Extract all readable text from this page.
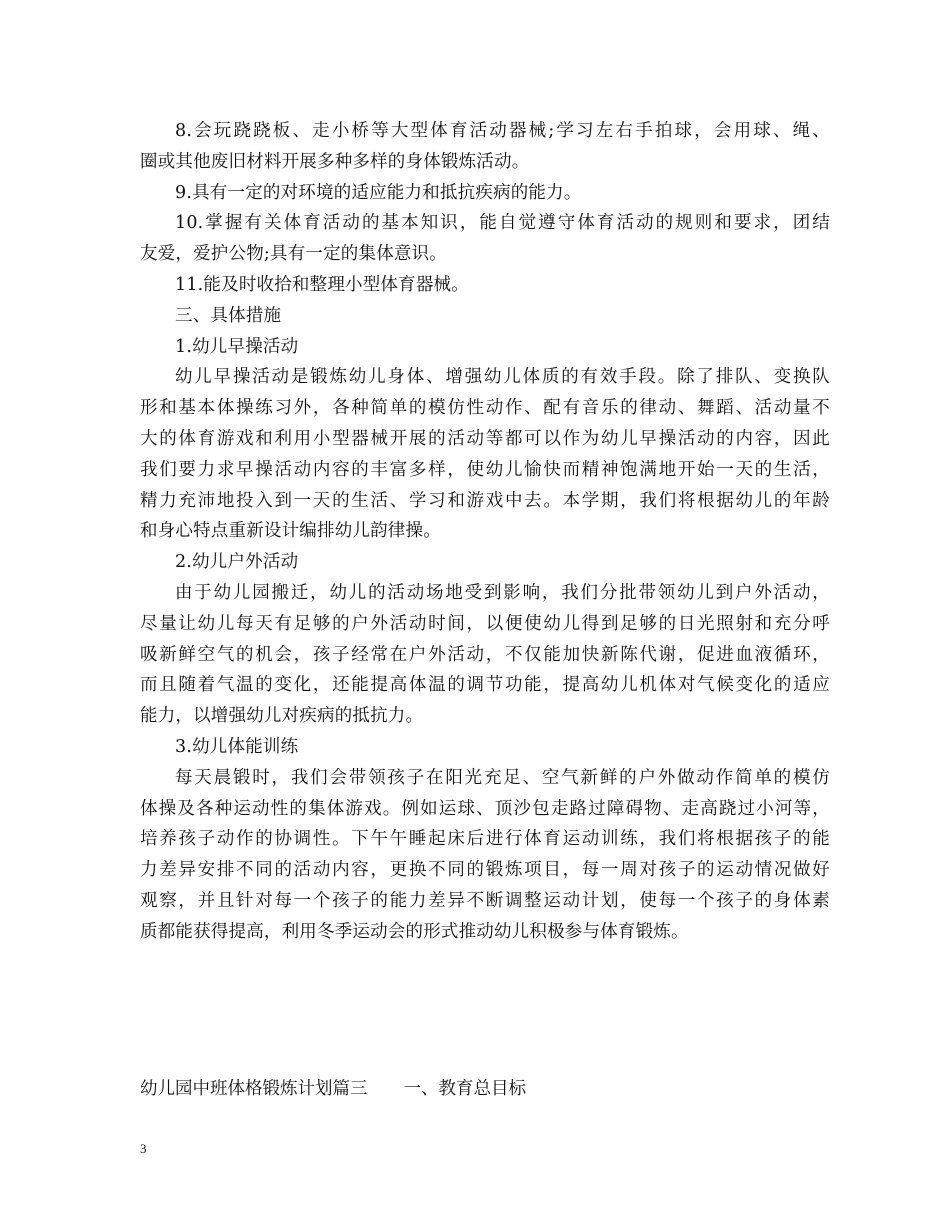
8.会玩跷跷板、走小桥等大型体育活动器械;学习左右手拍球，会用球、绳、
圈或其他废旧材料开展多种多样的身体锻炼活动。
9.具有一定的对环境的适应能力和抵抗疾病的能力。
10.掌握有关体育活动的基本知识，能自觉遵守体育活动的规则和要求，团结
友爱，爱护公物;具有一定的集体意识。
11.能及时收拾和整理小型体育器械。
三、具体措施
1.幼儿早操活动
幼儿早操活动是锻炼幼儿身体、增强幼儿体质的有效手段。除了排队、变换队
形和基本体操练习外，各种简单的模仿性动作、配有音乐的律动、舞蹈、活动量不
大的体育游戏和利用小型器械开展的活动等都可以作为幼儿早操活动的内容，因此
我们要力求早操活动内容的丰富多样，使幼儿愉快而精神饱满地开始一天的生活，
精力充沛地投入到一天的生活、学习和游戏中去。本学期，我们将根据幼儿的年龄
和身心特点重新设计编排幼儿韵律操。
2.幼儿户外活动
由于幼儿园搬迁，幼儿的活动场地受到影响，我们分批带领幼儿到户外活动，
尽量让幼儿每天有足够的户外活动时间，以便使幼儿得到足够的日光照射和充分呼
吸新鲜空气的机会，孩子经常在户外活动，不仅能加快新陈代谢，促进血液循环，
而且随着气温的变化，还能提高体温的调节功能，提高幼儿机体对气候变化的适应
能力，以增强幼儿对疾病的抵抗力。
3.幼儿体能训练
每天晨锻时，我们会带领孩子在阳光充足、空气新鲜的户外做动作简单的模仿
体操及各种运动性的集体游戏。例如运球、顶沙包走路过障碍物、走高跷过小河等，
培养孩子动作的协调性。下午午睡起床后进行体育运动训练，我们将根据孩子的能
力差异安排不同的活动内容，更换不同的锻炼项目，每一周对孩子的运动情况做好
观察，并且针对每一个孩子的能力差异不断调整运动计划，使每一个孩子的身体素
质都能获得提高，利用冬季运动会的形式推动幼儿积极参与体育锻炼。
幼儿园中班体格锻炼计划篇三 一、教育总目标
3
